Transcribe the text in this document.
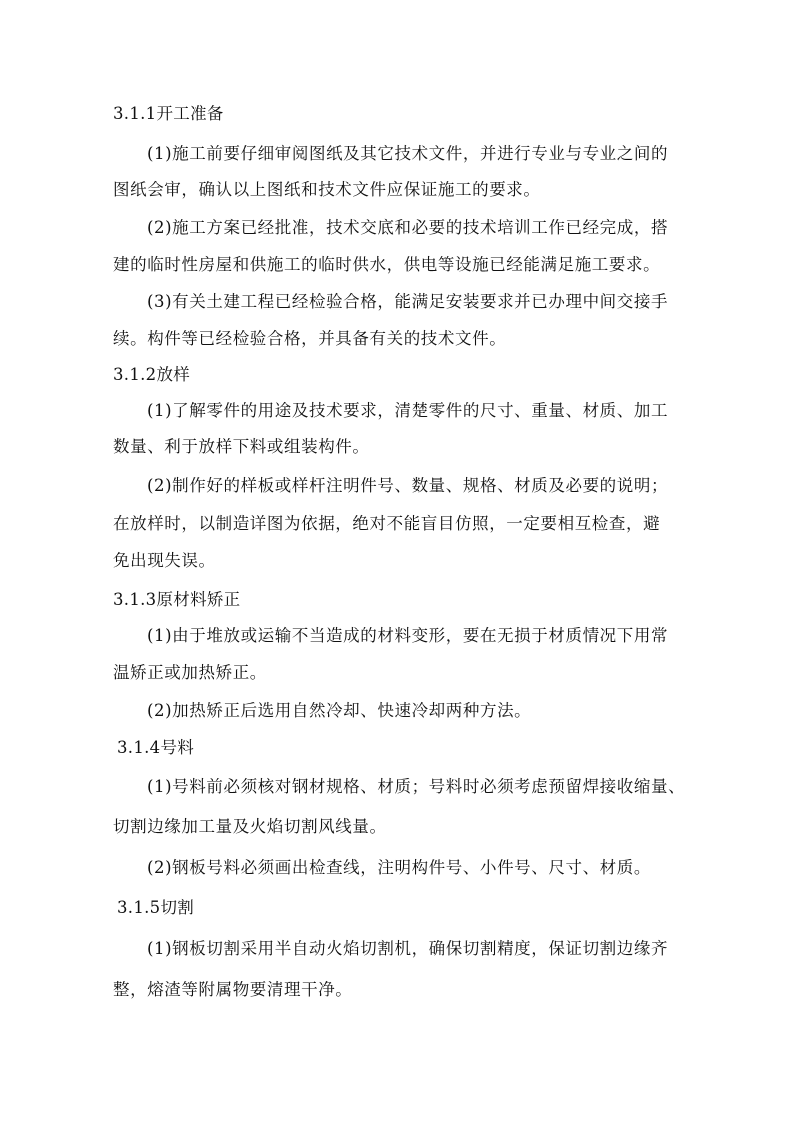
3.1.1开工准备
(1)施工前要仔细审阅图纸及其它技术文件，并进行专业与专业之间的
图纸会审，确认以上图纸和技术文件应保证施工的要求。
(2)施工方案已经批准，技术交底和必要的技术培训工作已经完成，搭
建的临时性房屋和供施工的临时供水，供电等设施已经能满足施工要求。
(3)有关土建工程已经检验合格，能满足安装要求并已办理中间交接手
续。构件等已经检验合格，并具备有关的技术文件。
3.1.2放样
(1)了解零件的用途及技术要求，清楚零件的尺寸、重量、材质、加工
数量、利于放样下料或组装构件。
(2)制作好的样板或样杆注明件号、数量、规格、材质及必要的说明；
在放样时，以制造详图为依据，绝对不能盲目仿照，一定要相互检查，避
免出现失误。
3.1.3原材料矫正
(1)由于堆放或运输不当造成的材料变形，要在无损于材质情况下用常
温矫正或加热矫正。
(2)加热矫正后选用自然冷却、快速冷却两种方法。
3.1.4号料
(1)号料前必须核对钢材规格、材质；号料时必须考虑预留焊接收缩量、
切割边缘加工量及火焰切割风线量。
(2)钢板号料必须画出检查线，注明构件号、小件号、尺寸、材质。
3.1.5切割
(1)钢板切割采用半自动火焰切割机，确保切割精度，保证切割边缘齐
整，熔渣等附属物要清理干净。
